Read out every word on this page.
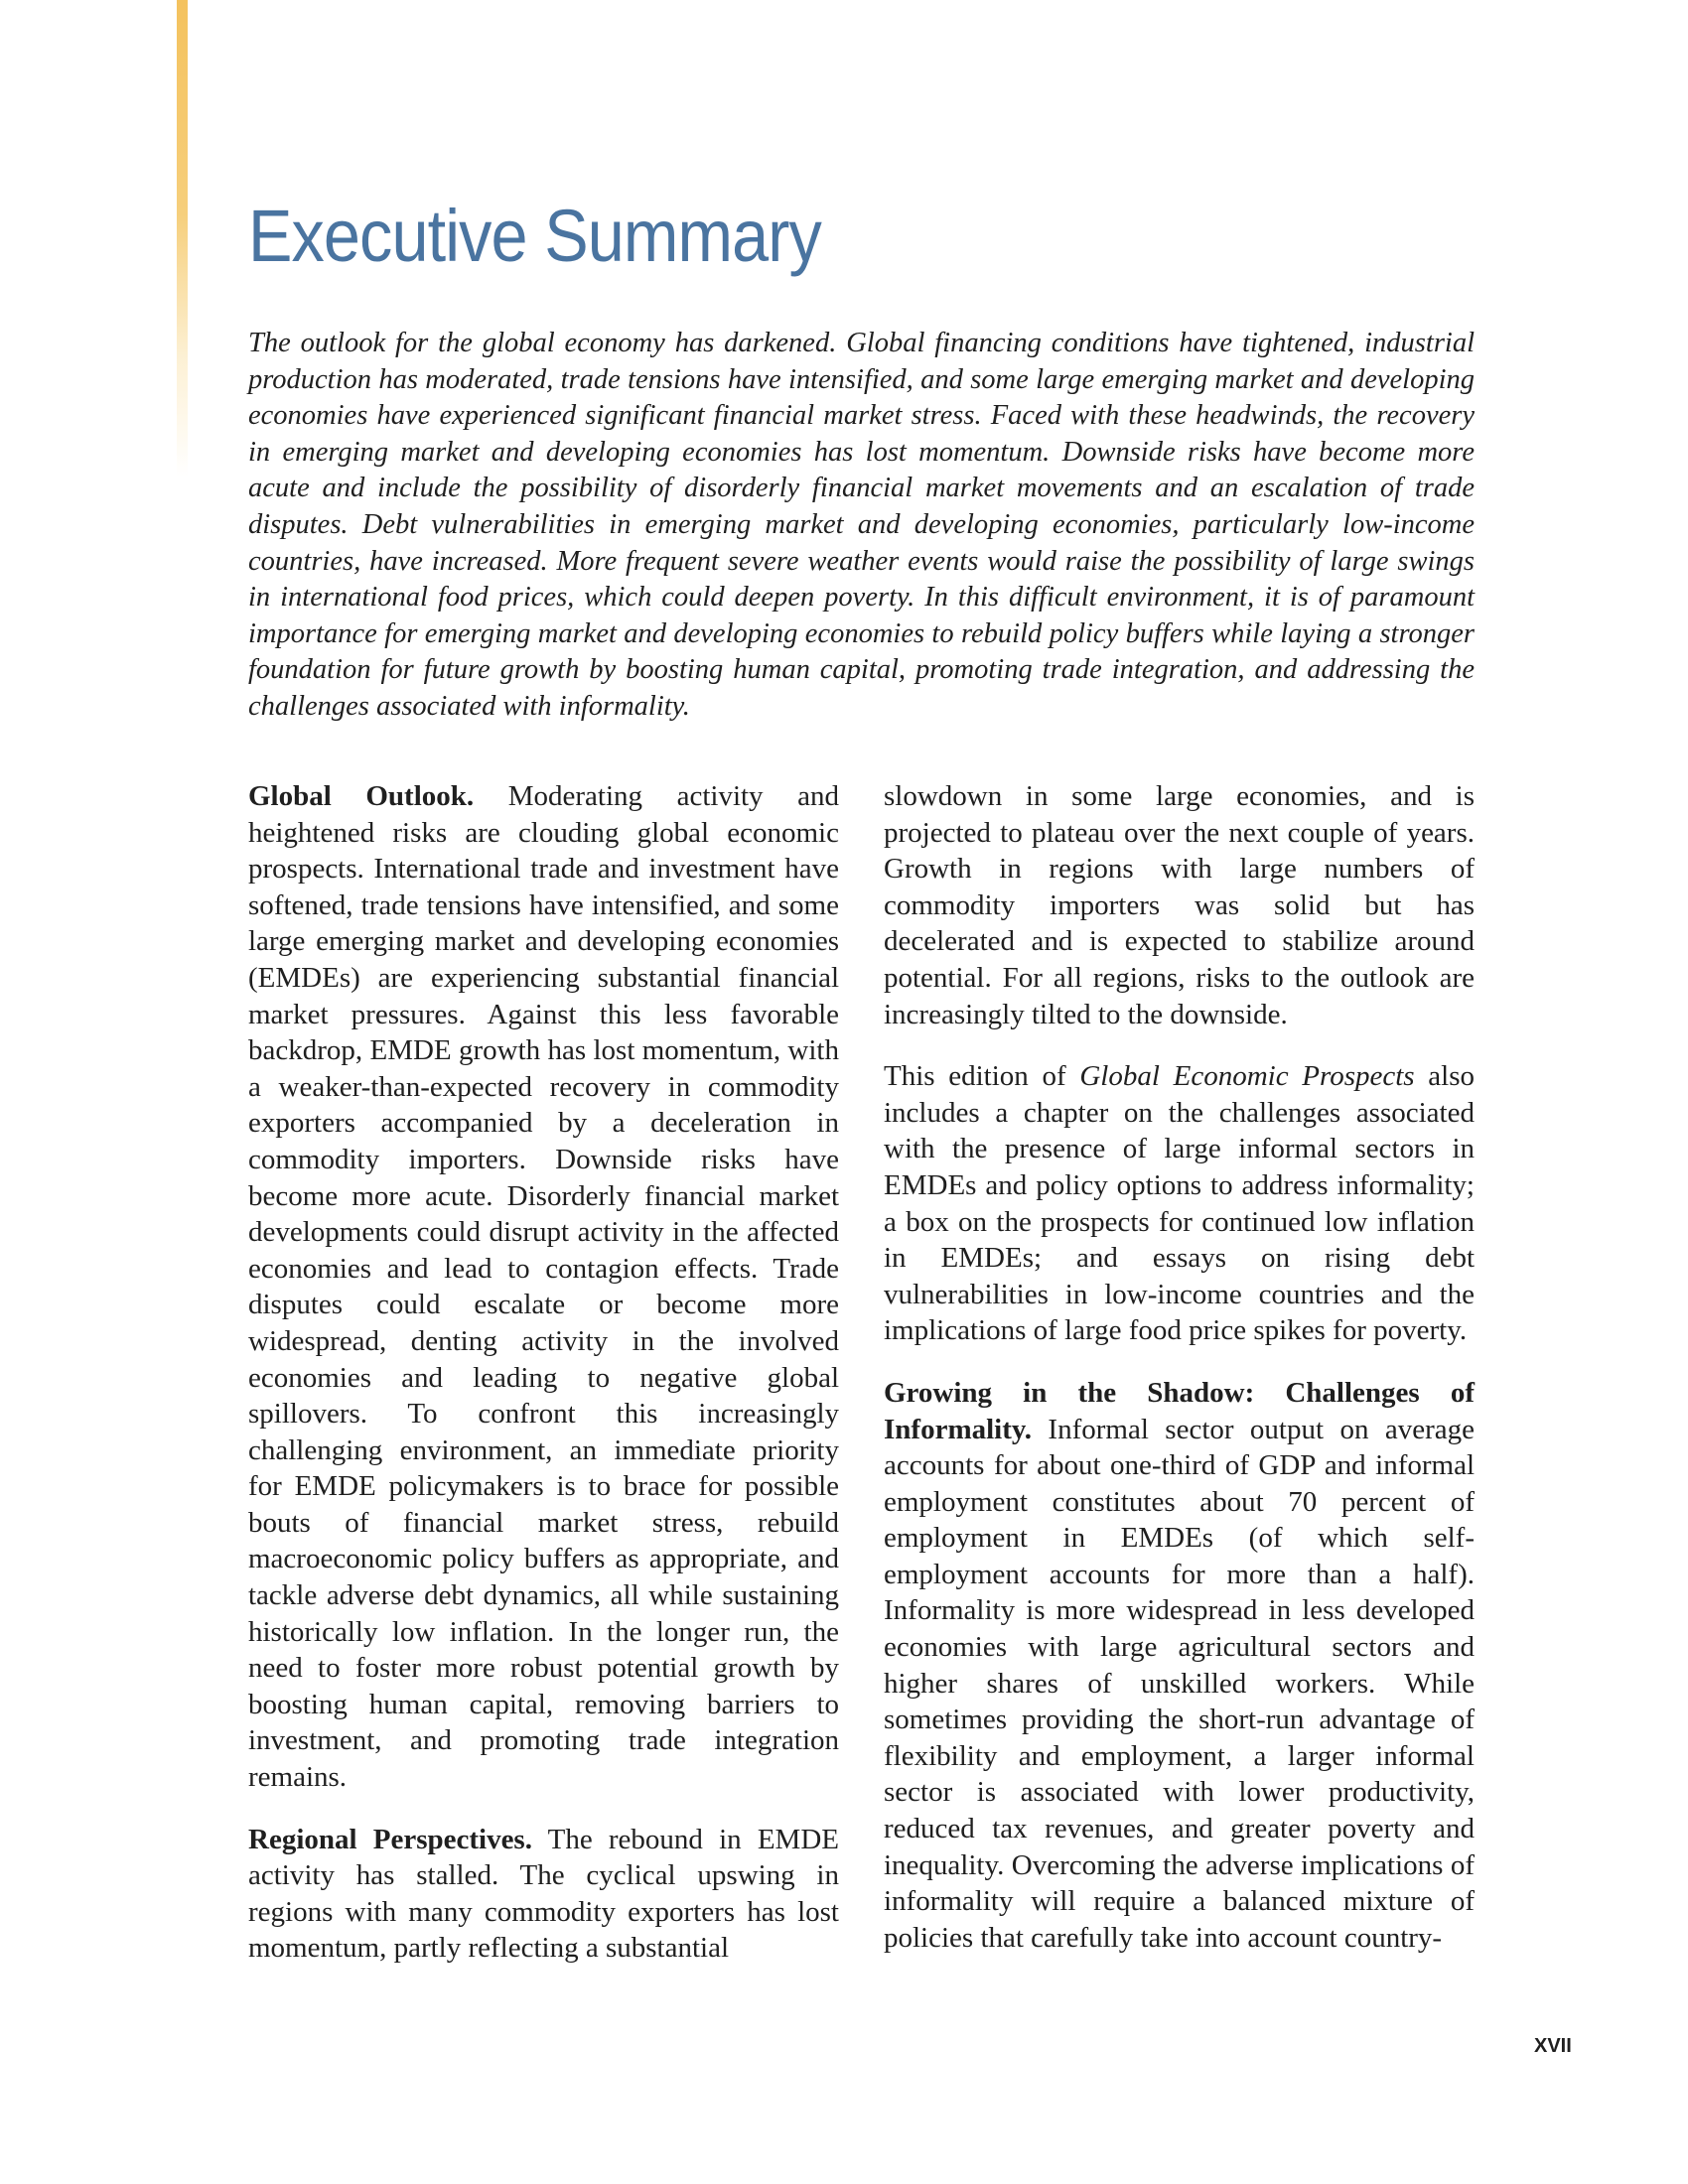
Executive Summary

The outlook for the global economy has darkened. Global financing conditions have tightened, industrial production has moderated, trade tensions have intensified, and some large emerging market and developing economies have experienced significant financial market stress. Faced with these headwinds, the recovery in emerging market and developing economies has lost momentum. Downside risks have become more acute and include the possibility of disorderly financial market movements and an escalation of trade disputes. Debt vulnerabilities in emerging market and developing economies, particularly low-income countries, have increased. More frequent severe weather events would raise the possibility of large swings in international food prices, which could deepen poverty. In this difficult environment, it is of paramount importance for emerging market and developing economies to rebuild policy buffers while laying a stronger foundation for future growth by boosting human capital, promoting trade integration, and addressing the challenges associated with informality.

Global Outlook. Moderating activity and heightened risks are clouding global economic prospects. International trade and investment have softened, trade tensions have intensified, and some large emerging market and developing economies (EMDEs) are experiencing substantial financial market pressures. Against this less favorable backdrop, EMDE growth has lost momentum, with a weaker-than-expected recovery in commodity exporters accompanied by a deceleration in commodity importers. Downside risks have become more acute. Disorderly financial market developments could disrupt activity in the affected economies and lead to contagion effects. Trade disputes could escalate or become more widespread, denting activity in the involved economies and leading to negative global spillovers. To confront this increasingly challenging environment, an immediate priority for EMDE policymakers is to brace for possible bouts of financial market stress, rebuild macroeconomic policy buffers as appropriate, and tackle adverse debt dynamics, all while sustaining historically low inflation. In the longer run, the need to foster more robust potential growth by boosting human capital, removing barriers to investment, and promoting trade integration remains.

Regional Perspectives. The rebound in EMDE activity has stalled. The cyclical upswing in regions with many commodity exporters has lost momentum, partly reflecting a substantial

slowdown in some large economies, and is projected to plateau over the next couple of years. Growth in regions with large numbers of commodity importers was solid but has decelerated and is expected to stabilize around potential. For all regions, risks to the outlook are increasingly tilted to the downside.

This edition of Global Economic Prospects also includes a chapter on the challenges associated with the presence of large informal sectors in EMDEs and policy options to address informality; a box on the prospects for continued low inflation in EMDEs; and essays on rising debt vulnerabilities in low-income countries and the implications of large food price spikes for poverty.

Growing in the Shadow: Challenges of Informality. Informal sector output on average accounts for about one-third of GDP and informal employment constitutes about 70 percent of employment in EMDEs (of which self-employment accounts for more than a half). Informality is more widespread in less developed economies with large agricultural sectors and higher shares of unskilled workers. While sometimes providing the short-run advantage of flexibility and employment, a larger informal sector is associated with lower productivity, reduced tax revenues, and greater poverty and inequality. Overcoming the adverse implications of informality will require a balanced mixture of policies that carefully take into account country-

XVII
